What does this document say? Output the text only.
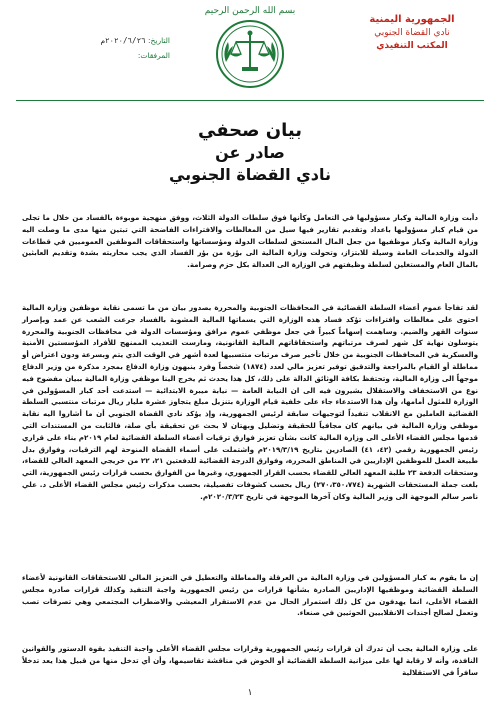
بسم الله الرحمن الرحيم
الجمهورية اليمنية
نادي القضاة الجنوبي
المكتب التنفيذي
التاريخ: ٢٠٢٠/٦/٢٦م
المرفقات:
بيان صحفي
صادر عن
نادي القضاة الجنوبي

دأبت وزارة المالية وكبار مسؤوليها في التعامل وكأنها فوق سلطات الدولة الثلاث، ووفق منهجية موبوءة بالفساد من خلال ما تجلى من قيام كبار مسؤوليها باعداد وتقديم تقارير فيها سيل من المغالطات والافتراءات الفاضحة التي تبتين منها مدى ما وصلت اليه وزارة المالية وكبار موظفيها من جعل المال المستحق لسلطات الدولة ومؤسساتها واستحقاقات الموظفين العموميين في قطاعات الدولة والخدمات العامة وسيلة للابتزاز، وتحولت وزارة المالية الى بؤرة من بؤر الفساد الذي يجب محاربته بشدة وتقديم العابثين بالمال العام والمستغلين لسلطة وظيفتهم في الوزارة الى العدالة بكل حزم وصرامة.

لقد تفاجأ عموم أعضاء السلطة القضائية في المحافظات الجنوبية والمحررة بصدور بيان من ما تسمى نقابة موظفين وزارة المالية احتوى على مغالطات وافتراءات تؤكد فساد هذه الوزارة التي يسماتها المالية المشوبة بالفساد جرعت الشعب عن عمد وبإصرار سنوات القهر والضيم. وساهمت إسهاماً كبيراً في جعل موظفي عموم مرافق ومؤسسات الدولة في محافظات الجنوبية والمحررة يتوسلون نهاية كل شهر لصرف مرتباتهم واستحقاقاتهم المالية القانونية، ومارست التعذيب الممنهج للأفراد المؤسستين الأمنية والعسكرية في المحافظات الجنوبية من خلال تأخير صرف مرتبات منتسبيها لعدة أشهر في الوقت الذي يتم وبسرعة ودون اعتراض أو مماطلة أو القيام بالمراجعة والتدقيق توفير تعزيز مالي لعدد (١٨٧٤) شخصاً وفرد ينبهون وزارة الدفاع بمجرد مذكرة من وزير الدفاع موجهاً الى وزارة المالية، وتحتفظ بكافة الوثائق الدالة على ذلك، كل هذا يحدث ثم يخرج الينا موظفي وزارة المالية ببيان مفضوح فيه نوع من الاستخفاف والاستقلال يشيرون فيه الى ان النيابة العامة — نيابة ميبرة الابتدائية — استدعت أحد كبار المسؤولين في الوزارة للمثول أمامها، وأن هذا الاستدعاء جاء على خلفية قيام الوزارة بتنزيل مبلغ يتجاوز عشرة مليار ريال مرتبات منتسبي السلطة القضائية العاملين مع الانقلاب تنفيذاً لتوجيهات سابقة لرئيس الجمهورية، وإذ يؤكد نادي القضاة الجنوبي أن ما أشاروا اليه نقابة موظفي وزارة المالية في بيانهم كان مجافياً للحقيقة وتضليل وبهتان لا بحث عن تحقيقة بأي صلة، فالثابت من المستندات التي قدمها مجلس القضاء الأعلى الى وزارة المالية كانت بشأن تعزيز فوارق ترقيات أعضاء السلطة القضائية لعام ٢٠١٩م بناء على قراري رئيس الجمهورية رقمي (٤٢، ٤١) الصادرين بتاريخ ٢٠١٩/٣/١٩م واشتملت على أسماء القضاة المنوحة لهم الترقيات، وفوارق بدل طبيعة العمل للموظفين الإداريين في المناطق المحررة، وفوارق الدرجة القضائية للدفعتين ٢١، ٢٢ من خريجي المعهد العالي للقضاء، وستحقات الدفعة ٢٣ طلبة المعهد العالي للقضاء بحسب القرار الجمهوري، وغيرها من الفوارق بحسب قرارات رئيس الجمهورية، التي بلغت جملة المستحقات الشهرية (٢٧٠،٣٥٠،٧٧٤) ريال بحسب كشوفات تفصيلية، بحسب مذكرات رئيس مجلس القضاء الأعلى د. علي ناصر سالم الموجهة الى وزير المالية وكان آخرها الموجهة في تاريخ ٢٠٢٠/٣/٢٣م.

إن ما يقوم به كبار المسؤولين في وزارة المالية من العرقلة والمماطلة والتعطيل في التعزيز المالي للاستحقاقات القانونية لأعضاء السلطة القضائية وموظفيها الإداريين الصادرة بشأنها قرارات من رئيس الجمهورية واجبة التنفيذ وكذلك قرارات صادرة مجلس القضاء الأعلى، انما يهدفون من كل ذلك استمرار الحال من عدم الاستقرار المعيشي والاضطراب المجتمعي وهي تصرفات تصب وتعمل لصالح أجندات الانقلابيين الحوثيين في صنعاء.

على وزارة المالية يجب أن تدرك أن قرارات رئيس الجمهورية وقرارات مجلس القضاء الأعلى واجبة التنفيذ بقوة الدستور والقوانين النافذة، وأنه لا رقابة لها على ميزانية السلطة القضائية أو الخوض في مناقشة تقاسيمها، وأن أي تدخل منها من قبيل هذا يعد تدخلاً سافراً في الاستقلالية

١
